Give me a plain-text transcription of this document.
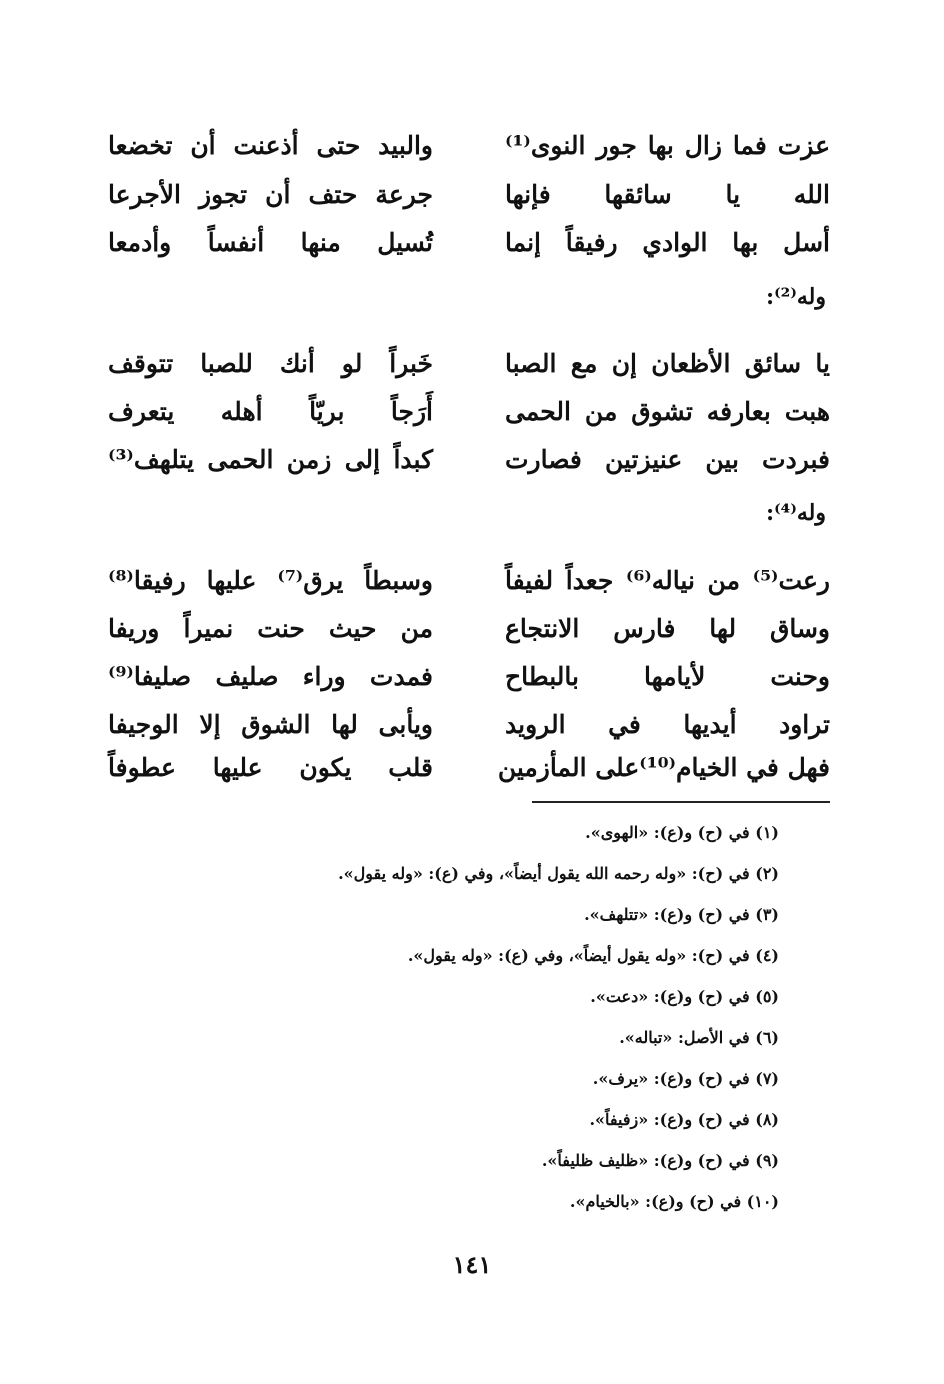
عزت فما زال بها جور النوى⁽¹⁾
والبيد حتى أذعنت أن تخضعا
الله يا سائقها فإنها
جرعة حتف أن تجوز الأجرعا
أسل بها الوادي رفيقاً إنما
تُسيل منها أنفساً وأدمعا
وله⁽²⁾:
يا سائق الأظعان إن مع الصبا
خَبراً لو أنك للصبا تتوقف
هبت بعارفه تشوق من الحمى
أَرَجاً بريّاً أهله يتعرف
فبردت بين عنيزتين فصارت
كبداً إلى زمن الحمى يتلهف⁽³⁾
وله⁽⁴⁾:
رعت⁽⁵⁾ من نياله⁽⁶⁾ جعداً لفيفاً
وسبطاً يرق⁽⁷⁾ عليها رفيقا⁽⁸⁾
وساق لها فارس الانتجاع
من حيث حنت نميراً وريفا
وحنت لأيامها بالبطاح
فمدت وراء صليف صليفا⁽⁹⁾
تراود أيديها في الرويد
ويأبى لها الشوق إلا الوجيفا
فهل في الخيام⁽¹⁰⁾على المأزمين
قلب يكون عليها عطوفاً
(١) في (ح) و(ع): «الهوى».
(٢) في (ح): «وله رحمه الله يقول أيضاً»، وفي (ع): «وله يقول».
(٣) في (ح) و(ع): «تتلهف».
(٤) في (ح): «وله يقول أيضاً»، وفي (ع): «وله يقول».
(٥) في (ح) و(ع): «دعت».
(٦) في الأصل: «تباله».
(٧) في (ح) و(ع): «يرف».
(٨) في (ح) و(ع): «زفيفاً».
(٩) في (ح) و(ع): «ظليف ظليفاً».
(١٠) في (ح) و(ع): «بالخيام».
١٤١
